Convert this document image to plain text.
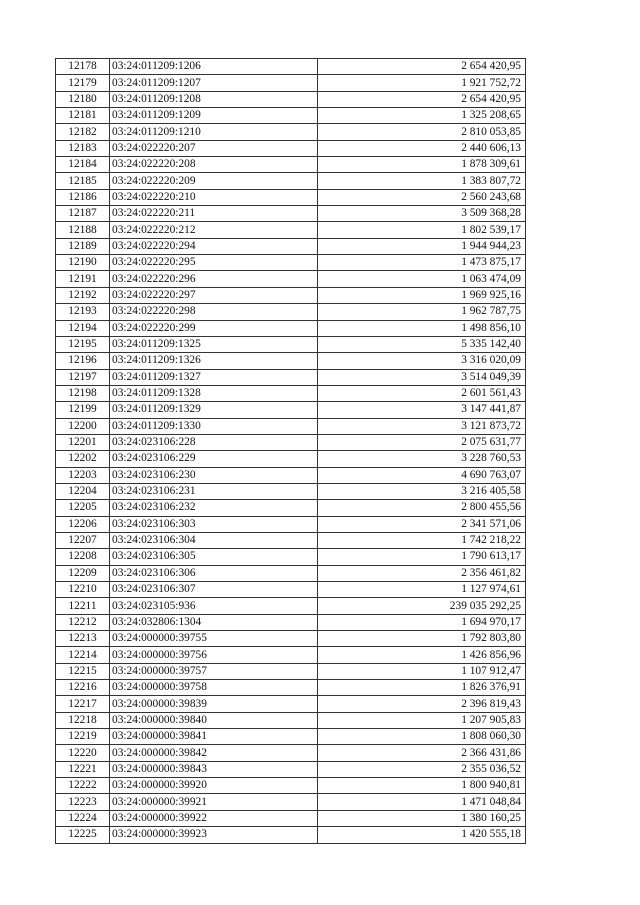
12178	03:24:011209:1206	2 654 420,95
12179	03:24:011209:1207	1 921 752,72
12180	03:24:011209:1208	2 654 420,95
12181	03:24:011209:1209	1 325 208,65
12182	03:24:011209:1210	2 810 053,85
12183	03:24:022220:207	2 440 606,13
12184	03:24:022220:208	1 878 309,61
12185	03:24:022220:209	1 383 807,72
12186	03:24:022220:210	2 560 243,68
12187	03:24:022220:211	3 509 368,28
12188	03:24:022220:212	1 802 539,17
12189	03:24:022220:294	1 944 944,23
12190	03:24:022220:295	1 473 875,17
12191	03:24:022220:296	1 063 474,09
12192	03:24:022220:297	1 969 925,16
12193	03:24:022220:298	1 962 787,75
12194	03:24:022220:299	1 498 856,10
12195	03:24:011209:1325	5 335 142,40
12196	03:24:011209:1326	3 316 020,09
12197	03:24:011209:1327	3 514 049,39
12198	03:24:011209:1328	2 601 561,43
12199	03:24:011209:1329	3 147 441,87
12200	03:24:011209:1330	3 121 873,72
12201	03:24:023106:228	2 075 631,77
12202	03:24:023106:229	3 228 760,53
12203	03:24:023106:230	4 690 763,07
12204	03:24:023106:231	3 216 405,58
12205	03:24:023106:232	2 800 455,56
12206	03:24:023106:303	2 341 571,06
12207	03:24:023106:304	1 742 218,22
12208	03:24:023106:305	1 790 613,17
12209	03:24:023106:306	2 356 461,82
12210	03:24:023106:307	1 127 974,61
12211	03:24:023105:936	239 035 292,25
12212	03:24:032806:1304	1 694 970,17
12213	03:24:000000:39755	1 792 803,80
12214	03:24:000000:39756	1 426 856,96
12215	03:24:000000:39757	1 107 912,47
12216	03:24:000000:39758	1 826 376,91
12217	03:24:000000:39839	2 396 819,43
12218	03:24:000000:39840	1 207 905,83
12219	03:24:000000:39841	1 808 060,30
12220	03:24:000000:39842	2 366 431,86
12221	03:24:000000:39843	2 355 036,52
12222	03:24:000000:39920	1 800 940,81
12223	03:24:000000:39921	1 471 048,84
12224	03:24:000000:39922	1 380 160,25
12225	03:24:000000:39923	1 420 555,18
